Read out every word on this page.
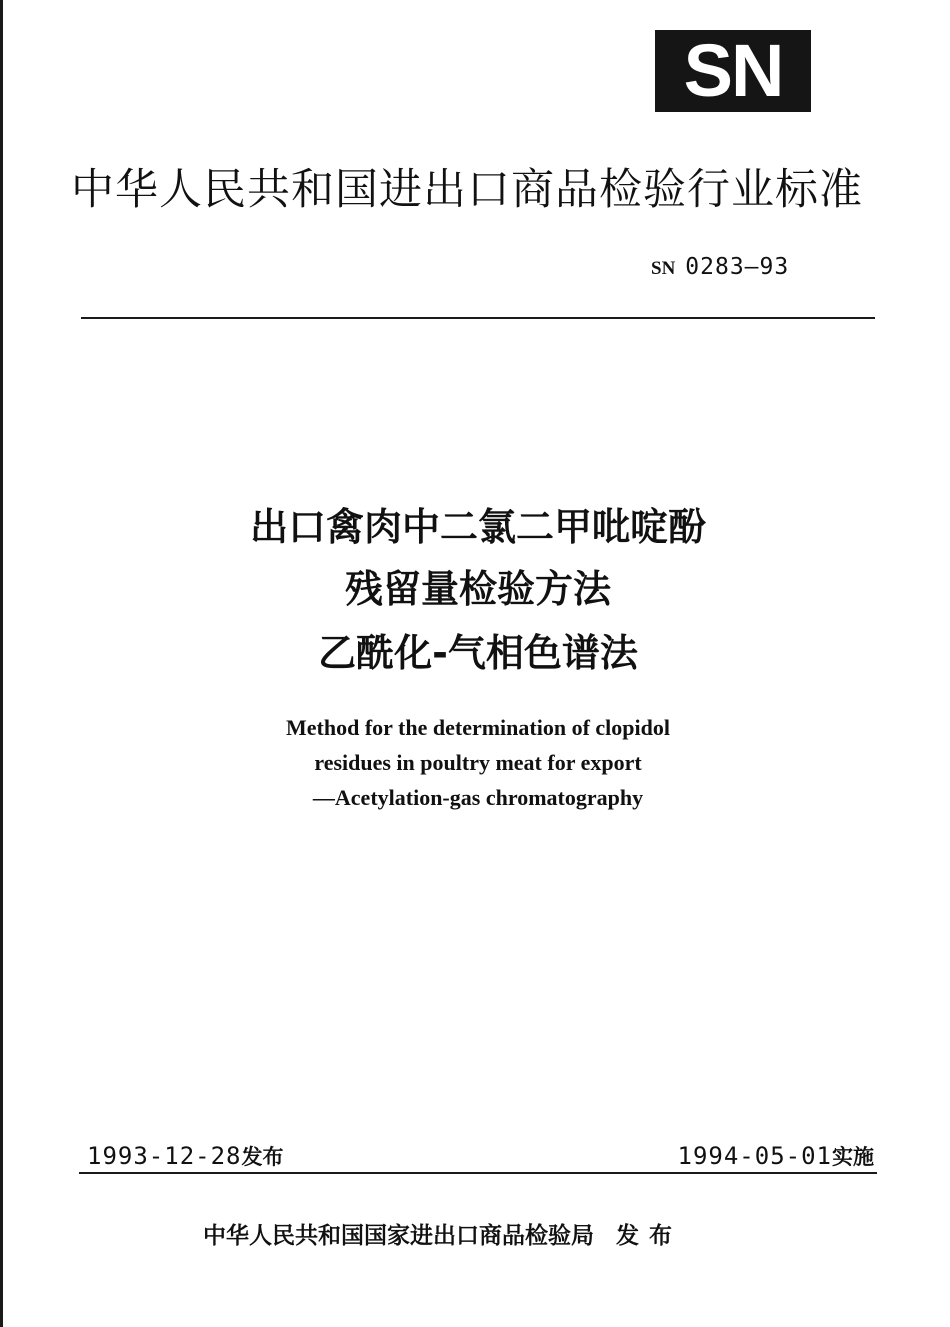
SN
中华人民共和国进出口商品检验行业标准
SN 0283—93
出口禽肉中二氯二甲吡啶酚
残留量检验方法
乙酰化-气相色谱法
Method for the determination of clopidol
residues in poultry meat for export
—Acetylation-gas chromatography
1993-12-28发布	1994-05-01实施
中华人民共和国国家进出口商品检验局 发布
